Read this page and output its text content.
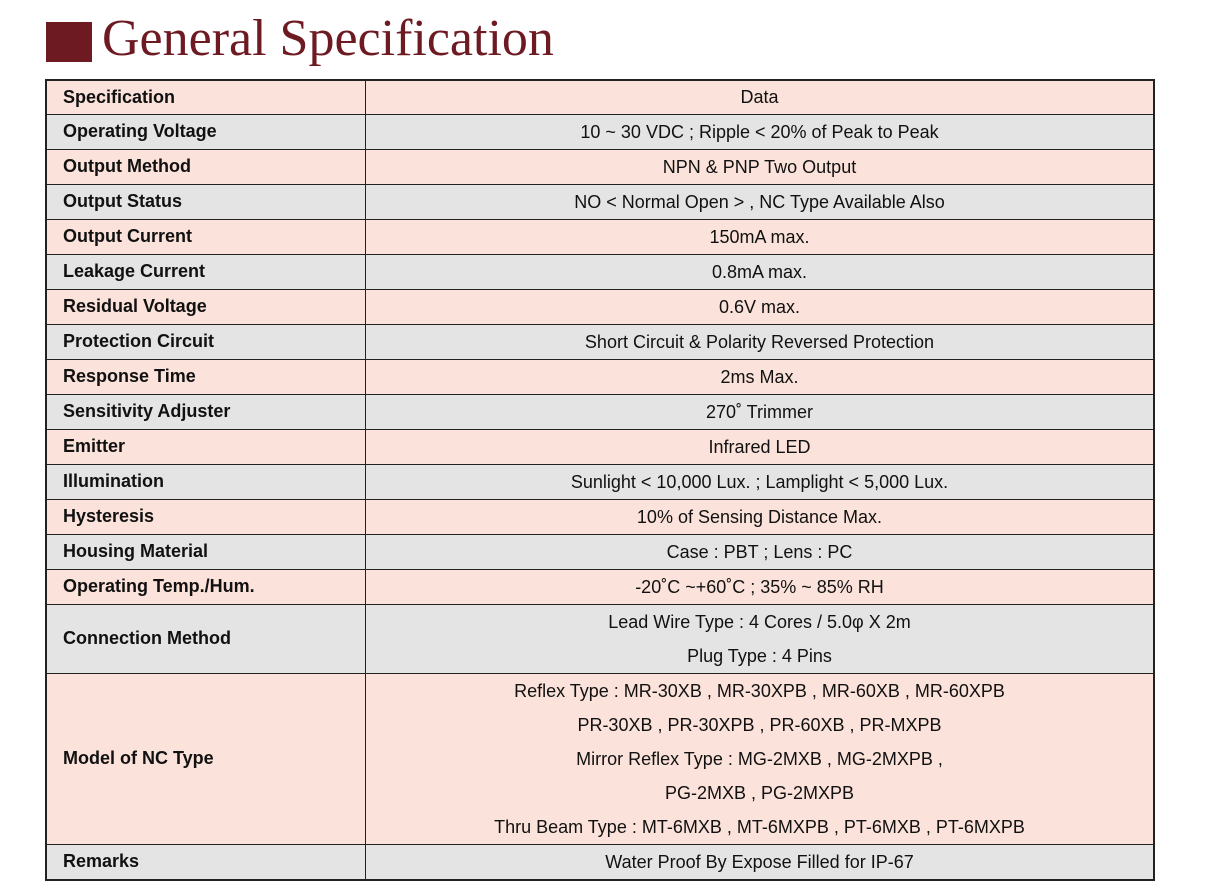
General Specification
Specification	Data
Operating Voltage	10 ~ 30 VDC ; Ripple < 20% of Peak to Peak

Output Method	NPN & PNP Two Output

Output Status	NO < Normal Open > , NC Type Available Also

Output Current	150mA max.

Leakage Current	0.8mA max.

Residual Voltage	0.6V max.

Protection Circuit	Short Circuit & Polarity Reversed Protection

Response Time	2ms Max.

Sensitivity Adjuster	270˚ Trimmer

Emitter	Infrared LED

Illumination	Sunlight < 10,000 Lux. ; Lamplight < 5,000 Lux.

Hysteresis	10% of Sensing Distance Max.

Housing Material	Case : PBT ; Lens : PC

Operating Temp./Hum.	-20˚C ~+60˚C ; 35% ~ 85% RH

Connection Method	Lead Wire Type : 4 Cores / 5.0φ X 2m
Plug Type : 4 Pins

Model of NC Type	Reflex Type : MR-30XB , MR-30XPB , MR-60XB , MR-60XPB
PR-30XB , PR-30XPB , PR-60XB , PR-MXPB
Mirror Reflex Type : MG-2MXB , MG-2MXPB ,
PG-2MXB , PG-2MXPB
Thru Beam Type : MT-6MXB , MT-6MXPB , PT-6MXB , PT-6MXPB

Remarks	Water Proof By Expose Filled for IP-67
